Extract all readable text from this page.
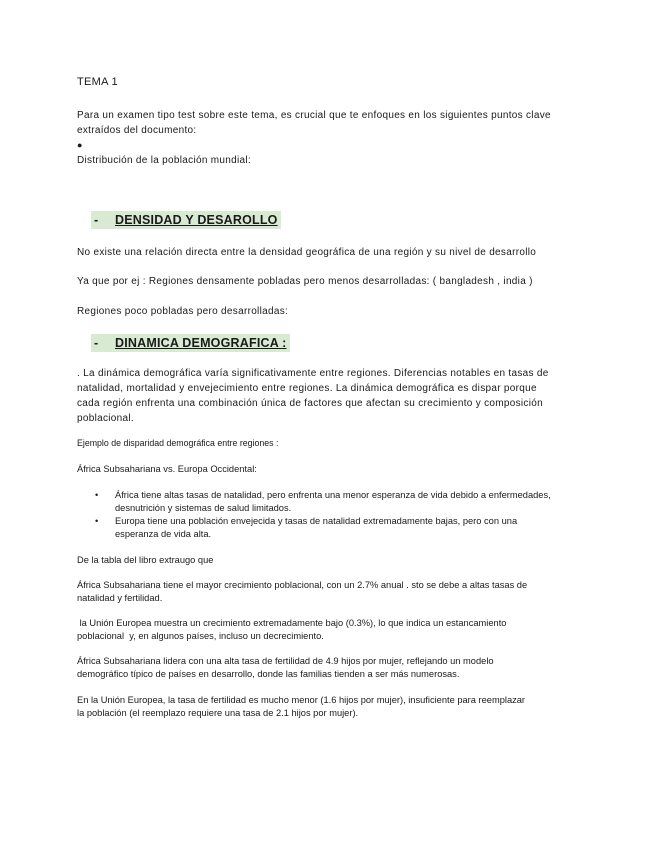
TEMA 1
Para un examen tipo test sobre este tema, es crucial que te enfoques en los siguientes puntos clave
extraídos del documento:
●
Distribución de la población mundial:
- DENSIDAD Y DESAROLLO
No existe una relación directa entre la densidad geográfica de una región y su nivel de desarrollo
Ya que por ej : Regiones densamente pobladas pero menos desarrolladas: ( bangladesh , india )
Regiones poco pobladas pero desarrolladas:
- DINAMICA DEMOGRAFICA :
. La dinámica demográfica varía significativamente entre regiones. Diferencias notables en tasas de
natalidad, mortalidad y envejecimiento entre regiones. La dinámica demográfica es dispar porque
cada región enfrenta una combinación única de factores que afectan su crecimiento y composición
poblacional.
Ejemplo de disparidad demográfica entre regiones :
África Subsahariana vs. Europa Occidental:
• África tiene altas tasas de natalidad, pero enfrenta una menor esperanza de vida debido a enfermedades,
desnutrición y sistemas de salud limitados.
• Europa tiene una población envejecida y tasas de natalidad extremadamente bajas, pero con una
esperanza de vida alta.
De la tabla del libro extraugo que
África Subsahariana tiene el mayor crecimiento poblacional, con un 2.7% anual . sto se debe a altas tasas de
natalidad y fertilidad.
la Unión Europea muestra un crecimiento extremadamente bajo (0.3%), lo que indica un estancamiento
poblacional  y, en algunos países, incluso un decrecimiento.
África Subsahariana lidera con una alta tasa de fertilidad de 4.9 hijos por mujer, reflejando un modelo
demográfico típico de países en desarrollo, donde las familias tienden a ser más numerosas.
En la Unión Europea, la tasa de fertilidad es mucho menor (1.6 hijos por mujer), insuficiente para reemplazar
la población (el reemplazo requiere una tasa de 2.1 hijos por mujer).
